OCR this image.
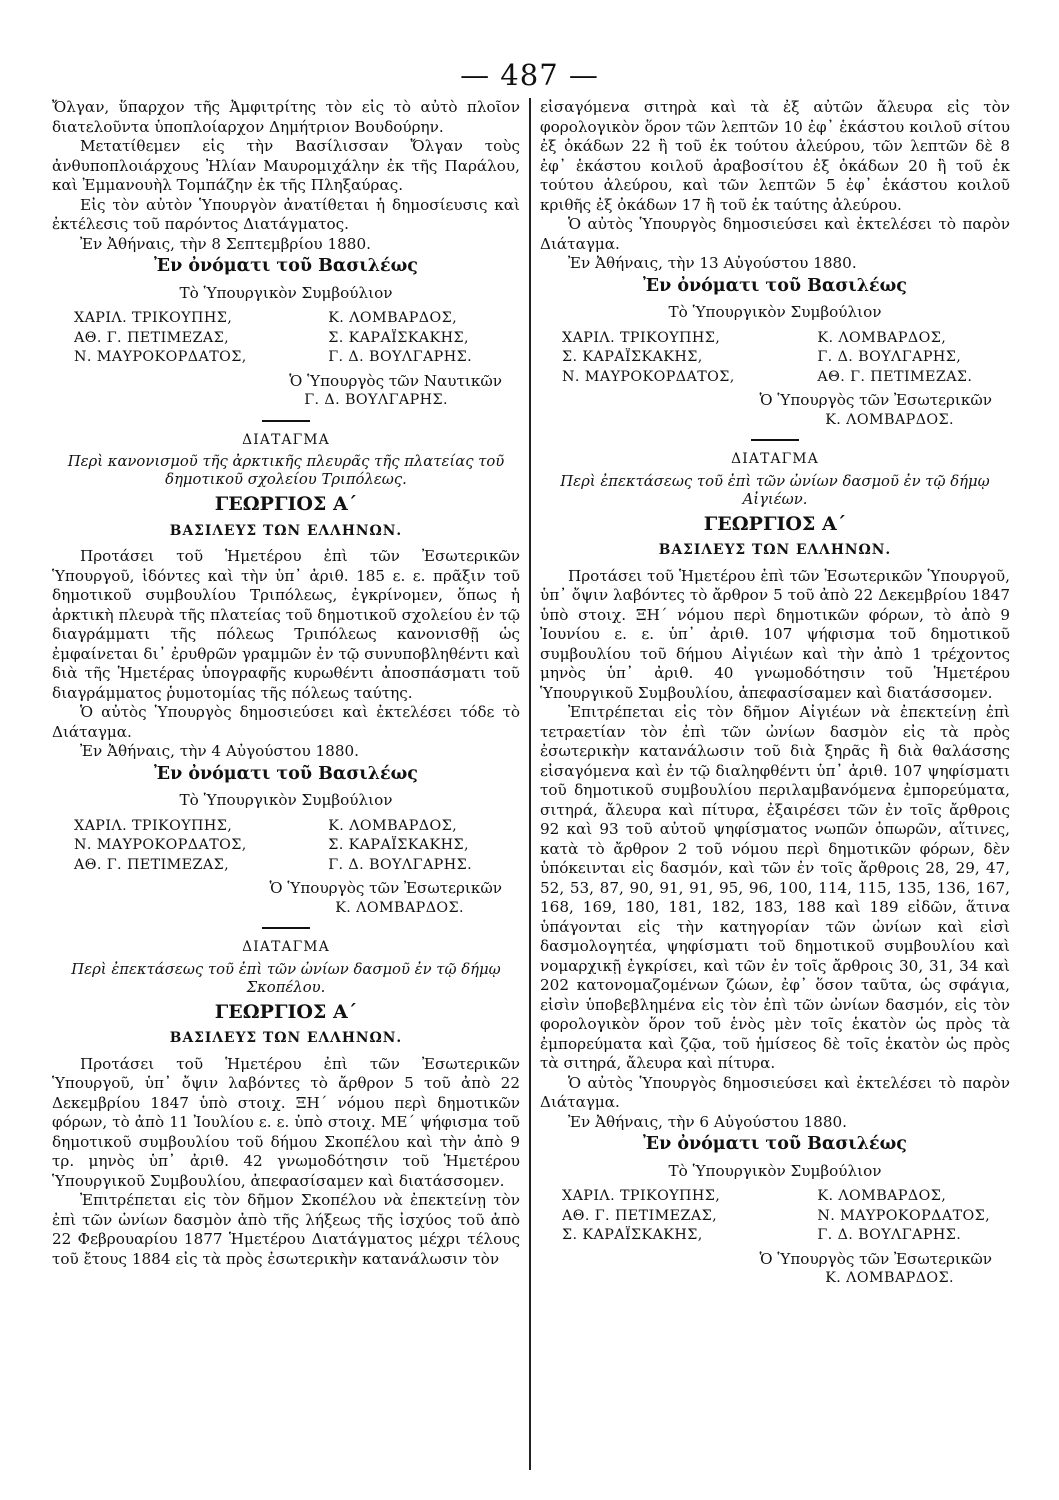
— 487 —

Ὄλγαν, ὕπαρχον τῆς Ἀμφιτρίτης τὸν εἰς τὸ αὐτὸ πλοῖον διατελοῦντα ὑποπλοίαρχον Δημήτριον Βουδούρην.

Μετατίθεμεν εἰς τὴν Βασίλισσαν Ὄλγαν τοὺς ἀνθυποπλοιάρχους Ἠλίαν Μαυρομιχάλην ἐκ τῆς Παράλου, καὶ Ἐμμανουὴλ Τομπάζην ἐκ τῆς Πληξαύρας.

Εἰς τὸν αὐτὸν Ὑπουργὸν ἀνατίθεται ἡ δημοσίευσις καὶ ἐκτέλεσις τοῦ παρόντος Διατάγματος.

Ἐν Ἀθήναις, τὴν 8 Σεπτεμβρίου 1880.

Ἐν ὀνόματι τοῦ Βασιλέως

Τὸ Ὑπουργικὸν Συμβούλιον

ΧΑΡΙΛ. ΤΡΙΚΟΥΠΗΣ,	Κ. ΛΟΜΒΑΡΔΟΣ,
ΑΘ. Γ. ΠΕΤΙΜΕΖΑΣ,	Σ. ΚΑΡΑΪΣΚΑΚΗΣ,
Ν. ΜΑΥΡΟΚΟΡΔΑΤΟΣ,	Γ. Δ. ΒΟΥΛΓΑΡΗΣ.

Ὁ Ὑπουργὸς τῶν Ναυτικῶν

Γ. Δ. ΒΟΥΛΓΑΡΗΣ.

ΔΙΑΤΑΓΜΑ

Περὶ κανονισμοῦ τῆς ἀρκτικῆς πλευρᾶς τῆς πλατείας τοῦ δημοτικοῦ σχολείου Τριπόλεως.

ΓΕΩΡΓΙΟΣ Α΄

ΒΑΣΙΛΕΥΣ ΤΩΝ ΕΛΛΗΝΩΝ.

Προτάσει τοῦ Ἡμετέρου ἐπὶ τῶν Ἐσωτερικῶν Ὑπουργοῦ, ἰδόντες καὶ τὴν ὑπ᾿ ἀριθ. 185 ε. ε. πρᾶξιν τοῦ δημοτικοῦ συμβουλίου Τριπόλεως, ἐγκρίνομεν, ὅπως ἡ ἀρκτικὴ πλευρὰ τῆς πλατείας τοῦ δημοτικοῦ σχολείου ἐν τῷ διαγράμματι τῆς πόλεως Τριπόλεως κανονισθῇ ὡς ἐμφαίνεται δι᾿ ἐρυθρῶν γραμμῶν ἐν τῷ συνυποβληθέντι καὶ διὰ τῆς Ἡμετέρας ὑπογραφῆς κυρωθέντι ἀποσπάσματι τοῦ διαγράμματος ῥυμοτομίας τῆς πόλεως ταύτης.

Ὁ αὐτὸς Ὑπουργὸς δημοσιεύσει καὶ ἐκτελέσει τόδε τὸ Διάταγμα.

Ἐν Ἀθήναις, τὴν 4 Αὐγούστου 1880.

Ἐν ὀνόματι τοῦ Βασιλέως

Τὸ Ὑπουργικὸν Συμβούλιον

ΧΑΡΙΛ. ΤΡΙΚΟΥΠΗΣ,	Κ. ΛΟΜΒΑΡΔΟΣ,
Ν. ΜΑΥΡΟΚΟΡΔΑΤΟΣ,	Σ. ΚΑΡΑΪΣΚΑΚΗΣ,
ΑΘ. Γ. ΠΕΤΙΜΕΖΑΣ,	Γ. Δ. ΒΟΥΛΓΑΡΗΣ.

Ὁ Ὑπουργὸς τῶν Ἐσωτερικῶν

Κ. ΛΟΜΒΑΡΔΟΣ.

ΔΙΑΤΑΓΜΑ

Περὶ ἐπεκτάσεως τοῦ ἐπὶ τῶν ὠνίων δασμοῦ ἐν τῷ δήμῳ Σκοπέλου.

ΓΕΩΡΓΙΟΣ Α΄

ΒΑΣΙΛΕΥΣ ΤΩΝ ΕΛΛΗΝΩΝ.

Προτάσει τοῦ Ἡμετέρου ἐπὶ τῶν Ἐσωτερικῶν Ὑπουργοῦ, ὑπ᾿ ὄψιν λαβόντες τὸ ἄρθρον 5 τοῦ ἀπὸ 22 Δεκεμβρίου 1847 ὑπὸ στοιχ. ΞΗ΄ νόμου περὶ δημοτικῶν φόρων, τὸ ἀπὸ 11 Ἰουλίου ε. ε. ὑπὸ στοιχ. ΜΕ΄ ψήφισμα τοῦ δημοτικοῦ συμβουλίου τοῦ δήμου Σκοπέλου καὶ τὴν ἀπὸ 9 τρ. μηνὸς ὑπ᾿ ἀριθ. 42 γνωμοδότησιν τοῦ Ἡμετέρου Ὑπουργικοῦ Συμβουλίου, ἀπεφασίσαμεν καὶ διατάσσομεν.

Ἐπιτρέπεται εἰς τὸν δῆμον Σκοπέλου νὰ ἐπεκτείνῃ τὸν ἐπὶ τῶν ὠνίων δασμὸν ἀπὸ τῆς λήξεως τῆς ἰσχύος τοῦ ἀπὸ 22 Φεβρουαρίου 1877 Ἡμετέρου Διατάγματος μέχρι τέλους τοῦ ἔτους 1884 εἰς τὰ πρὸς ἐσωτερικὴν κατανάλωσιν τὸν

εἰσαγόμενα σιτηρὰ καὶ τὰ ἐξ αὐτῶν ἄλευρα εἰς τὸν φορολογικὸν ὅρον τῶν λεπτῶν 10 ἐφ᾿ ἑκάστου κοιλοῦ σίτου ἐξ ὀκάδων 22 ἢ τοῦ ἐκ τούτου ἀλεύρου, τῶν λεπτῶν δὲ 8 ἐφ᾿ ἑκάστου κοιλοῦ ἀραβοσίτου ἐξ ὀκάδων 20 ἢ τοῦ ἐκ τούτου ἀλεύρου, καὶ τῶν λεπτῶν 5 ἐφ᾿ ἑκάστου κοιλοῦ κριθῆς ἐξ ὀκάδων 17 ἢ τοῦ ἐκ ταύτης ἀλεύρου.

Ὁ αὐτὸς Ὑπουργὸς δημοσιεύσει καὶ ἐκτελέσει τὸ παρὸν Διάταγμα.

Ἐν Ἀθήναις, τὴν 13 Αὐγούστου 1880.

Ἐν ὀνόματι τοῦ Βασιλέως

Τὸ Ὑπουργικὸν Συμβούλιον

ΧΑΡΙΛ. ΤΡΙΚΟΥΠΗΣ,	Κ. ΛΟΜΒΑΡΔΟΣ,
Σ. ΚΑΡΑΪΣΚΑΚΗΣ,	Γ. Δ. ΒΟΥΛΓΑΡΗΣ,
Ν. ΜΑΥΡΟΚΟΡΔΑΤΟΣ,	ΑΘ. Γ. ΠΕΤΙΜΕΖΑΣ.

Ὁ Ὑπουργὸς τῶν Ἐσωτερικῶν

Κ. ΛΟΜΒΑΡΔΟΣ.

ΔΙΑΤΑΓΜΑ

Περὶ ἐπεκτάσεως τοῦ ἐπὶ τῶν ὠνίων δασμοῦ ἐν τῷ δήμῳ Αἰγιέων.

ΓΕΩΡΓΙΟΣ Α΄

ΒΑΣΙΛΕΥΣ ΤΩΝ ΕΛΛΗΝΩΝ.

Προτάσει τοῦ Ἡμετέρου ἐπὶ τῶν Ἐσωτερικῶν Ὑπουργοῦ, ὑπ᾿ ὄψιν λαβόντες τὸ ἄρθρον 5 τοῦ ἀπὸ 22 Δεκεμβρίου 1847 ὑπὸ στοιχ. ΞΗ΄ νόμου περὶ δημοτικῶν φόρων, τὸ ἀπὸ 9 Ἰουνίου ε. ε. ὑπ᾿ ἀριθ. 107 ψήφισμα τοῦ δημοτικοῦ συμβουλίου τοῦ δήμου Αἰγιέων καὶ τὴν ἀπὸ 1 τρέχοντος μηνὸς ὑπ᾿ ἀριθ. 40 γνωμοδότησιν τοῦ Ἡμετέρου Ὑπουργικοῦ Συμβουλίου, ἀπεφασίσαμεν καὶ διατάσσομεν.

Ἐπιτρέπεται εἰς τὸν δῆμον Αἰγιέων νὰ ἐπεκτείνῃ ἐπὶ τετραετίαν τὸν ἐπὶ τῶν ὠνίων δασμὸν εἰς τὰ πρὸς ἐσωτερικὴν κατανάλωσιν τοῦ διὰ ξηρᾶς ἢ διὰ θαλάσσης εἰσαγόμενα καὶ ἐν τῷ διαληφθέντι ὑπ᾿ ἀριθ. 107 ψηφίσματι τοῦ δημοτικοῦ συμβουλίου περιλαμβανόμενα ἐμπορεύματα, σιτηρά, ἄλευρα καὶ πίτυρα, ἐξαιρέσει τῶν ἐν τοῖς ἄρθροις 92 καὶ 93 τοῦ αὐτοῦ ψηφίσματος νωπῶν ὀπωρῶν, αἵτινες, κατὰ τὸ ἄρθρον 2 τοῦ νόμου περὶ δημοτικῶν φόρων, δὲν ὑπόκεινται εἰς δασμόν, καὶ τῶν ἐν τοῖς ἄρθροις 28, 29, 47, 52, 53, 87, 90, 91, 91, 95, 96, 100, 114, 115, 135, 136, 167, 168, 169, 180, 181, 182, 183, 188 καὶ 189 εἰδῶν, ἅτινα ὑπάγονται εἰς τὴν κατηγορίαν τῶν ὠνίων καὶ εἰσὶ δασμολογητέα, ψηφίσματι τοῦ δημοτικοῦ συμβουλίου καὶ νομαρχικῇ ἐγκρίσει, καὶ τῶν ἐν τοῖς ἄρθροις 30, 31, 34 καὶ 202 κατονομαζομένων ζώων, ἐφ᾿ ὅσον ταῦτα, ὡς σφάγια, εἰσὶν ὑποβεβλημένα εἰς τὸν ἐπὶ τῶν ὠνίων δασμόν, εἰς τὸν φορολογικὸν ὅρον τοῦ ἑνὸς μὲν τοῖς ἑκατὸν ὡς πρὸς τὰ ἐμπορεύματα καὶ ζῷα, τοῦ ἡμίσεος δὲ τοῖς ἑκατὸν ὡς πρὸς τὰ σιτηρά, ἄλευρα καὶ πίτυρα.

Ὁ αὐτὸς Ὑπουργὸς δημοσιεύσει καὶ ἐκτελέσει τὸ παρὸν Διάταγμα.

Ἐν Ἀθήναις, τὴν 6 Αὐγούστου 1880.

Ἐν ὀνόματι τοῦ Βασιλέως

Τὸ Ὑπουργικὸν Συμβούλιον

ΧΑΡΙΛ. ΤΡΙΚΟΥΠΗΣ,	Κ. ΛΟΜΒΑΡΔΟΣ,
ΑΘ. Γ. ΠΕΤΙΜΕΖΑΣ,	Ν. ΜΑΥΡΟΚΟΡΔΑΤΟΣ,
Σ. ΚΑΡΑΪΣΚΑΚΗΣ,	Γ. Δ. ΒΟΥΛΓΑΡΗΣ.

Ὁ Ὑπουργὸς τῶν Ἐσωτερικῶν

Κ. ΛΟΜΒΑΡΔΟΣ.
